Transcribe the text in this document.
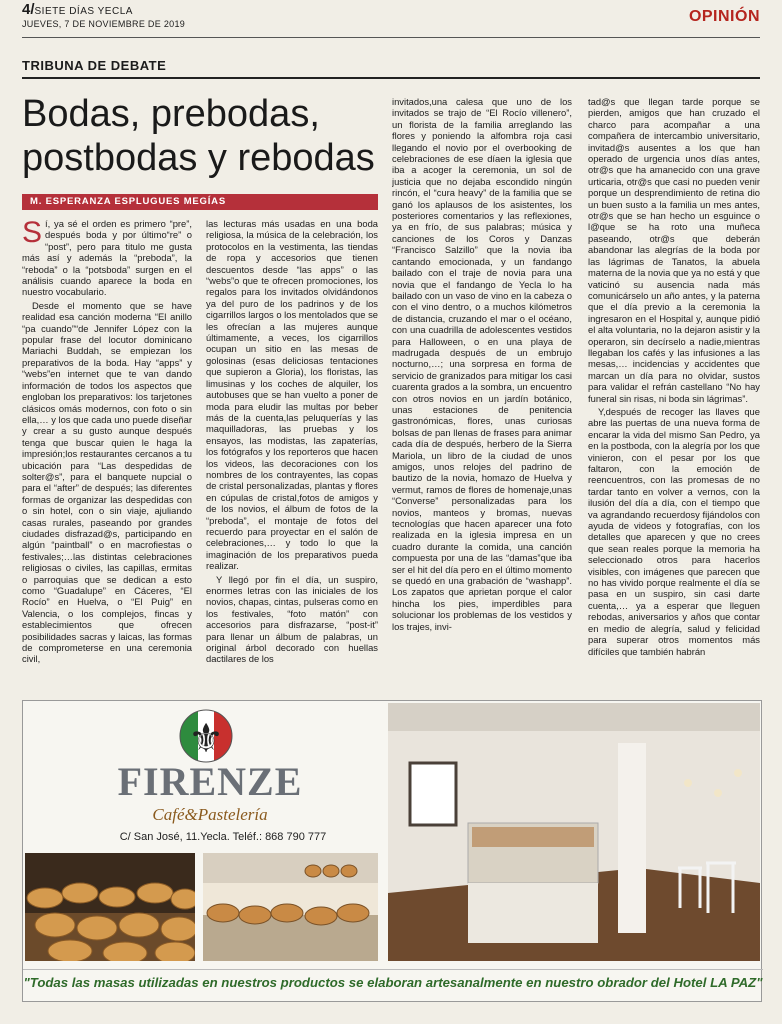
4/SIETE DÍAS YECLA
JUEVES, 7 DE NOVIEMBRE DE 2019	OPINIÓN
TRIBUNA DE DEBATE
Bodas, prebodas, postbodas y rebodas
M. ESPERANZA ESPLUGUES MEGÍAS

Sí, ya sé el orden es primero “pre”, después boda y por último“re” o “post”, pero para titulo me gusta más así y además la “preboda”, la “reboda” o la “potsboda” surgen en el análisis cuando aparece la boda en nuestro vocabulario.

Desde el momento que se have realidad esa canción moderna “El anillo “pa cuando”“de Jennifer López con la popular frase del locutor dominicano Mariachi Buddah, se empiezan los preparativos de la boda. Hay “apps” y “webs”en internet que te van dando información de todos los aspectos que engloban los preparativos: los tarjetones clásicos omás modernos, con foto o sin ella,… y los que cada uno puede diseñar y crear a su gusto aunque después tenga que buscar quien le haga la impresión;los restaurantes cercanos a tu ubicación para “Las despedidas de solter@s”, para el banquete nupcial o para el “after” de después; las diferentes formas de organizar las despedidas con o sin hotel, con o sin viaje, ajuliando casas rurales, paseando por grandes ciudades disfrazad@s, participando en algún “paintball” o en macrofiestas o festivales;…las distintas celebraciones religiosas o civiles, las capillas, ermitas o parroquias que se dedican a esto como “Guadalupe” en Cáceres, “El Rocío” en Huelva, o “El Puig” en Valencia, o los complejos, fincas y establecimientos que ofrecen posibilidades sacras y laicas, las formas de comprometerse en una ceremonia civil,

las lecturas más usadas en una boda religiosa, la música de la celebración, los protocolos en la vestimenta, las tiendas de ropa y accesorios que tienen descuentos desde “las apps” o las “webs”o que te ofrecen promociones, los regalos para los invitados olvidándonos ya del puro de los padrinos y de los cigarrillos largos o los mentolados que se les ofrecían a las mujeres aunque últimamente, a veces, los cigarrillos ocupan un sitio en las mesas de golosinas (esas deliciosas tentaciones que supieron a Gloria), los floristas, las limusinas y los coches de alquiler, los autobuses que se han vuelto a poner de moda para eludir las multas por beber más de la cuenta,las peluquerías y las maquilladoras, las pruebas y los ensayos, las modistas, las zapaterías, los fotógrafos y los reporteros que hacen los videos, las decoraciones con los nombres de los contrayentes, las copas de cristal personalizadas, plantas y flores en cúpulas de cristal,fotos de amigos y de los novios, el álbum de fotos de la “preboda”, el montaje de fotos del recuerdo para proyectar en el salón de celebraciones,… y todo lo que la imaginación de los preparativos pueda realizar.

Y llegó por fin el día, un suspiro, enormes letras con las iniciales de los novios, chapas, cintas, pulseras como en los festivales, “foto matón” con accesorios para disfrazarse, “post-it” para llenar un álbum de palabras, un original árbol decorado con huellas dactilares de los

invitados,una calesa que uno de los invitados se trajo de “El Rocío villenero”, un florista de la familia arreglando las flores y poniendo la alfombra roja casi llegando el novio por el overbooking de celebraciones de ese díaen la iglesia que iba a acoger la ceremonia, un sol de justicia que no dejaba escondido ningún rincón, el “cura heavy” de la familia que se ganó los aplausos de los asistentes, los posteriores comentarios y las reflexiones, ya en frío, de sus palabras; música y canciones de los Coros y Danzas “Francisco Salzillo” que la novia iba cantando emocionada, y un fandango bailado con el traje de novia para una novia que el fandango de Yecla lo ha bailado con un vaso de vino en la cabeza o con el vino dentro, o a muchos kilómetros de distancia, cruzando el mar o el océano, con una cuadrilla de adolescentes vestidos para Halloween, o en una playa de madrugada después de un embrujo nocturno,…; una sorpresa en forma de servicio de granizados para mitigar los casi cuarenta grados a la sombra, un encuentro con otros novios en un jardín botánico, unas estaciones de penitencia gastronómicas, flores, unas curiosas bolsas de pan llenas de frases para animar cada día de después, herbero de la Sierra Mariola, un libro de la ciudad de unos amigos, unos relojes del padrino de bautizo de la novia, homazo de Huelva y vermut, ramos de flores de homenaje,unas “Converse” personalizadas para los novios, manteos y bromas, nuevas tecnologías que hacen aparecer una foto realizada en la iglesia impresa en un cuadro durante la comida, una canción compuesta por una de las “damas”que iba ser el hit del día pero en el último momento se quedó en una grabación de “washapp”. Los zapatos que aprietan porque el calor hincha los pies, imperdibles para solucionar los problemas de los vestidos y los trajes, invi-

tad@s que llegan tarde porque se pierden, amigos que han cruzado el charco para acompañar a una compañera de intercambio universitario, invitad@s ausentes a los que han operado de urgencia unos días antes, otr@s que ha amanecido con una grave urticaria, otr@s que casi no pueden venir porque un desprendimiento de retina dio un buen susto a la familia un mes antes, otr@s que se han hecho un esguince o l@que se ha roto una muñeca paseando, otr@s que deberán abandonar las alegrías de la boda por las lágrimas de Tanatos, la abuela materna de la novia que ya no está y que vaticinó su ausencia nada más comunicárselo un año antes, y la paterna que el día previo a la ceremonia la ingresaron en el Hospital y, aunque pidió el alta voluntaria, no la dejaron asistir y la operaron, sin decírselo a nadie,mientras llegaban los cafés y las infusiones a las mesas,… incidencias y accidentes que marcan un día para no olvidar, sustos para validar el refrán castellano “No hay funeral sin risas, ni boda sin lágrimas”.

Y,después de recoger las llaves que abre las puertas de una nueva forma de encarar la vida del mismo San Pedro, ya en la postboda, con la alegría por los que vinieron, con el pesar por los que faltaron, con la emoción de reencuentros, con las promesas de no tardar tanto en volver a vernos, con la ilusión del día a día, con el tiempo que va agrandando recuerdosy fijándolos con ayuda de videos y fotografías, con los detalles que aparecen y que no crees que sean reales porque la memoria ha seleccionado otros para hacerlos visibles, con imágenes que parecen que no has vivido porque realmente el día se pasa en un suspiro, sin casi darte cuenta,… ya a esperar que lleguen rebodas, aniversarios y años que contar en medio de alegría, salud y felicidad para superar otros momentos más difíciles que también habrán

⚜
FIRENZE
Café&Pastelería
C/ San José, 11.Yecla. Teléf.: 868 790 777
"Todas las masas utilizadas en nuestros productos se elaboran artesanalmente en nuestro obrador del Hotel LA PAZ"
